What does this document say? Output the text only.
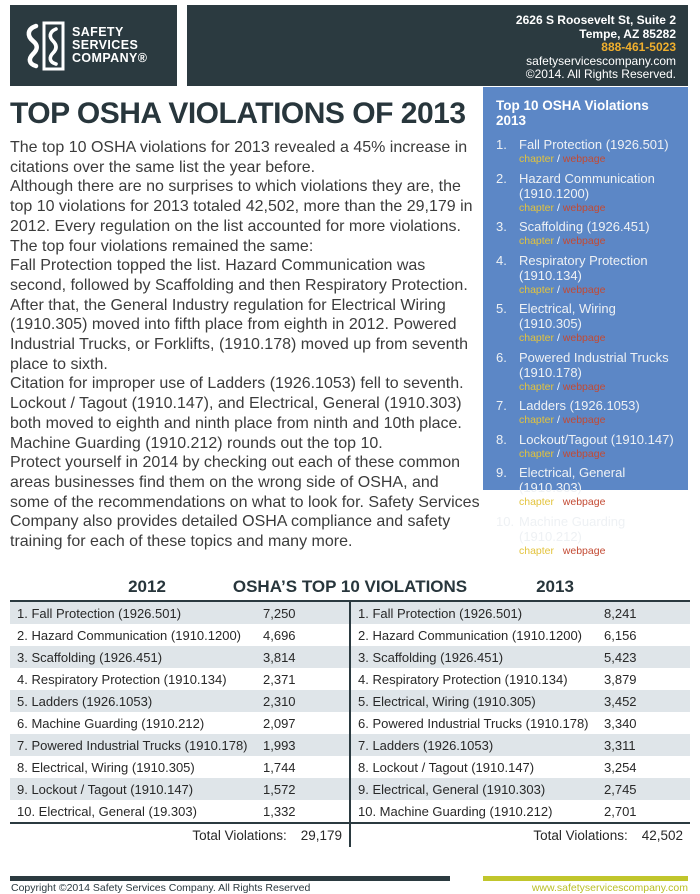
SAFETY
SERVICES
COMPANY®
2626 S Roosevelt St, Suite 2
Tempe, AZ 85282
888-461-5023
safetyservicescompany.com
©2014. All Rights Reserved.
Top 10 OSHA Violations 2013
1. Fall Protection (1926.501)
chapter / webpage
2. Hazard Communication (1910.1200)
chapter / webpage
3. Scaffolding (1926.451)
chapter / webpage
4. Respiratory Protection (1910.134)
chapter / webpage
5. Electrical, Wiring (1910.305)
chapter / webpage
6. Powered Industrial Trucks (1910.178)
chapter / webpage
7. Ladders (1926.1053)
chapter / webpage
8. Lockout/Tagout (1910.147)
chapter / webpage
9. Electrical, General (1910.303)
chapter / webpage
10. Machine Guarding (1910.212)
chapter / webpage
TOP OSHA VIOLATIONS OF 2013

The top 10 OSHA violations for 2013 revealed a 45% increase in citations over the same list the year before.

Although there are no surprises to which violations they are, the top 10 violations for 2013 totaled 42,502, more than the 29,179 in 2012. Every regulation on the list accounted for more violations. The top four violations remained the same:

Fall Protection topped the list. Hazard Communication was second, followed by Scaffolding and then Respiratory Protection. After that, the General Industry regulation for Electrical Wiring (1910.305) moved into fifth place from eighth in 2012. Powered Industrial Trucks, or Forklifts, (1910.178) moved up from seventh place to sixth.

Citation for improper use of Ladders (1926.1053) fell to seventh. Lockout / Tagout (1910.147), and Electrical, General (1910.303) both moved to eighth and ninth place from ninth and 10th place. Machine Guarding (1910.212) rounds out the top 10.

Protect yourself in 2014 by checking out each of these common areas businesses find them on the wrong side of OSHA, and some of the recommendations on what to look for. Safety Services Company also provides detailed OSHA compliance and safety training for each of these topics and many more.

2012	OSHA’S TOP 10 VIOLATIONS	2013
1. Fall Protection (1926.501)	7,250
2. Hazard Communication (1910.1200)	4,696
3. Scaffolding (1926.451)	3,814
4. Respiratory Protection (1910.134)	2,371
5. Ladders (1926.1053)	2,310
6. Machine Guarding (1910.212)	2,097
7. Powered Industrial Trucks (1910.178)	1,993
8. Electrical, Wiring (1910.305)	1,744
9. Lockout / Tagout (1910.147)	1,572
10. Electrical, General (19.303)	1,332
Total Violations: 29,179
1. Fall Protection (1926.501)	8,241
2. Hazard Communication (1910.1200)	6,156
3. Scaffolding (1926.451)	5,423
4. Respiratory Protection (1910.134)	3,879
5. Electrical, Wiring (1910.305)	3,452
6. Powered Industrial Trucks (1910.178)	3,340
7. Ladders (1926.1053)	3,311
8. Lockout / Tagout (1910.147)	3,254
9. Electrical, General (1910.303)	2,745
10. Machine Guarding (1910.212)	2,701
Total Violations: 42,502
Copyright ©2014 Safety Services Company. All Rights Reserved	www.safetyservicescompany.com
